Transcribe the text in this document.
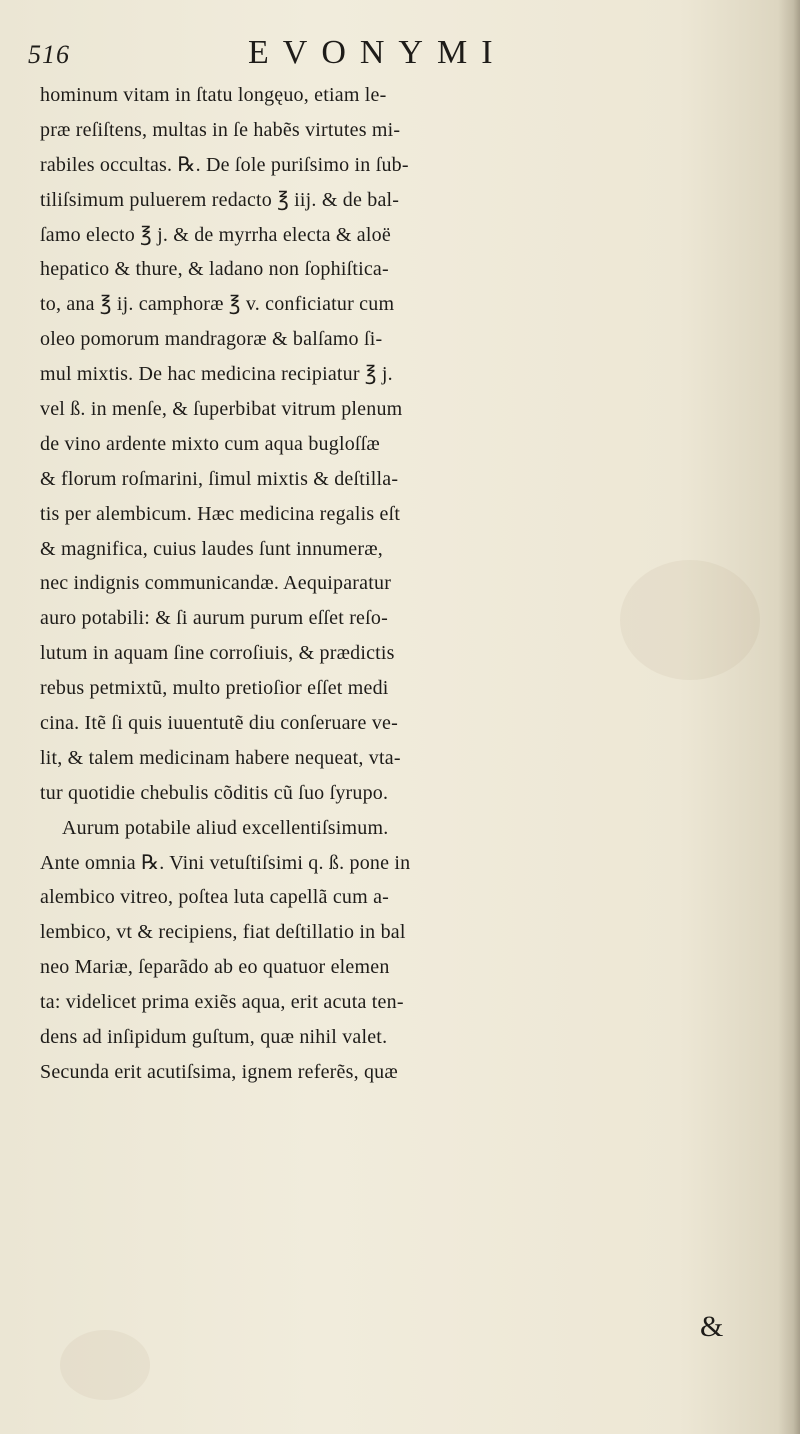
516	EVONYMI
hominum vitam in ſtatu longęuo, etiam le-
præ reſiſtens, multas in ſe habẽs virtutes mi-
rabiles occultas. ℞. De ſole puriſsimo in ſub-
tiliſsimum puluerem redacto ℥ iij. & de bal-
ſamo electo ℥ j. & de myrrha electa & aloë
hepatico & thure, & ladano non ſophiſtica-
to, ana ℥ ij. camphoræ ℥ v. conficiatur cum
oleo pomorum mandragoræ & balſamo ſi-
mul mixtis. De hac medicina recipiatur ℥ j.
vel ß. in menſe, & ſuperbibat vitrum plenum
de vino ardente mixto cum aqua bugloſſæ
& florum roſmarini, ſimul mixtis & deſtilla-
tis per alembicum. Hæc medicina regalis eſt
& magnifica, cuius laudes ſunt innumeræ,
nec indignis communicandæ. Aequiparatur
auro potabili: & ſi aurum purum eſſet reſo-
lutum in aquam ſine corroſiuis, & prædictis
rebus petmixtũ, multo pretioſior eſſet medi
cina. Itẽ ſi quis iuuentutẽ diu conſeruare ve-
lit, & talem medicinam habere nequeat, vta-
tur quotidie chebulis cõditis cũ ſuo ſyrupo.
Aurum potabile aliud excellentiſsimum.
Ante omnia ℞. Vini vetuſtiſsimi q. ß. pone in
alembico vitreo, poſtea luta capellã cum a-
lembico, vt & recipiens, fiat deſtillatio in bal
neo Mariæ, ſeparãdo ab eo quatuor elemen
ta: videlicet prima exiẽs aqua, erit acuta ten-
dens ad inſipidum guſtum, quæ nihil valet.
Secunda erit acutiſsima, ignem referẽs, quæ
&
